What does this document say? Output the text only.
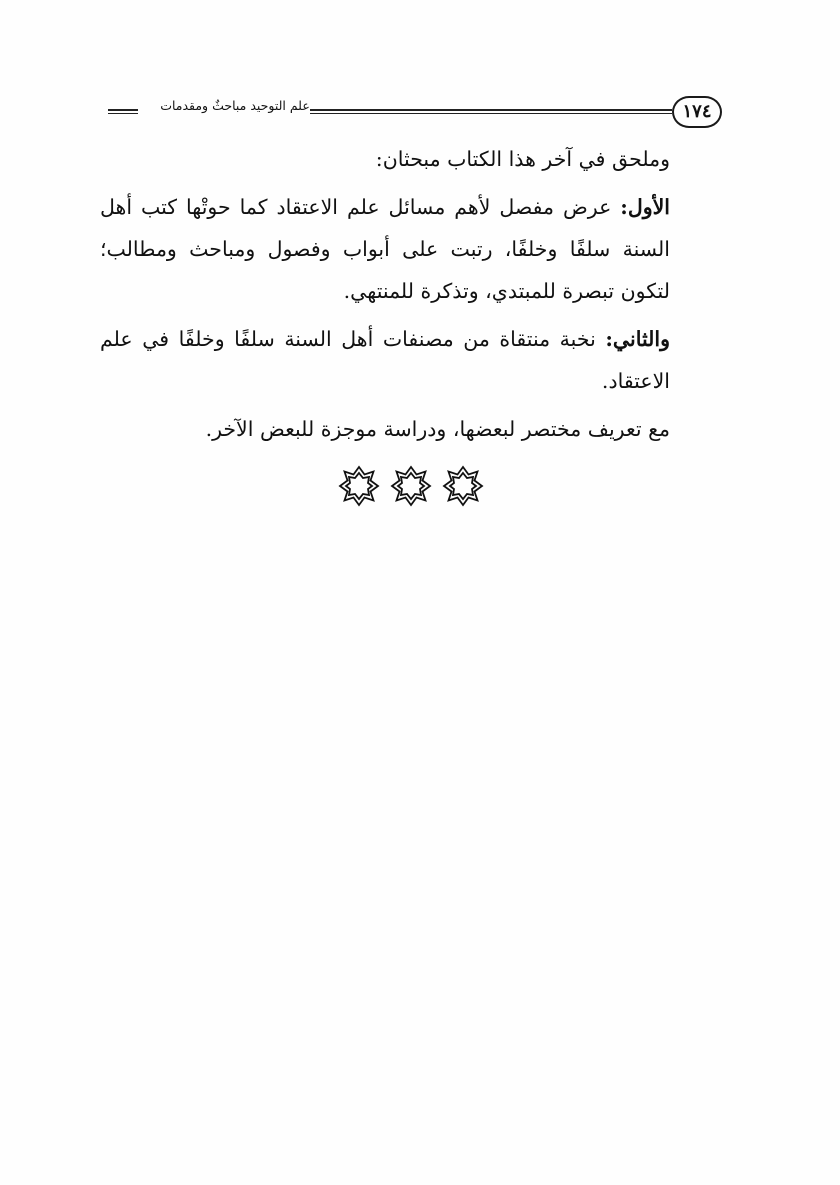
علم التوحيد مباحثٌ ومقدمات	١٧٤

وملحق في آخر هذا الكتاب مبحثان:

الأول: عرض مفصل لأهم مسائل علم الاعتقاد كما حوتْها كتب أهل السنة سلفًا وخلفًا، رتبت على أبواب وفصول ومباحث ومطالب؛ لتكون تبصرة للمبتدي، وتذكرة للمنتهي.

والثاني: نخبة منتقاة من مصنفات أهل السنة سلفًا وخلفًا في علم الاعتقاد.

مع تعريف مختصر لبعضها، ودراسة موجزة للبعض الآخر.
